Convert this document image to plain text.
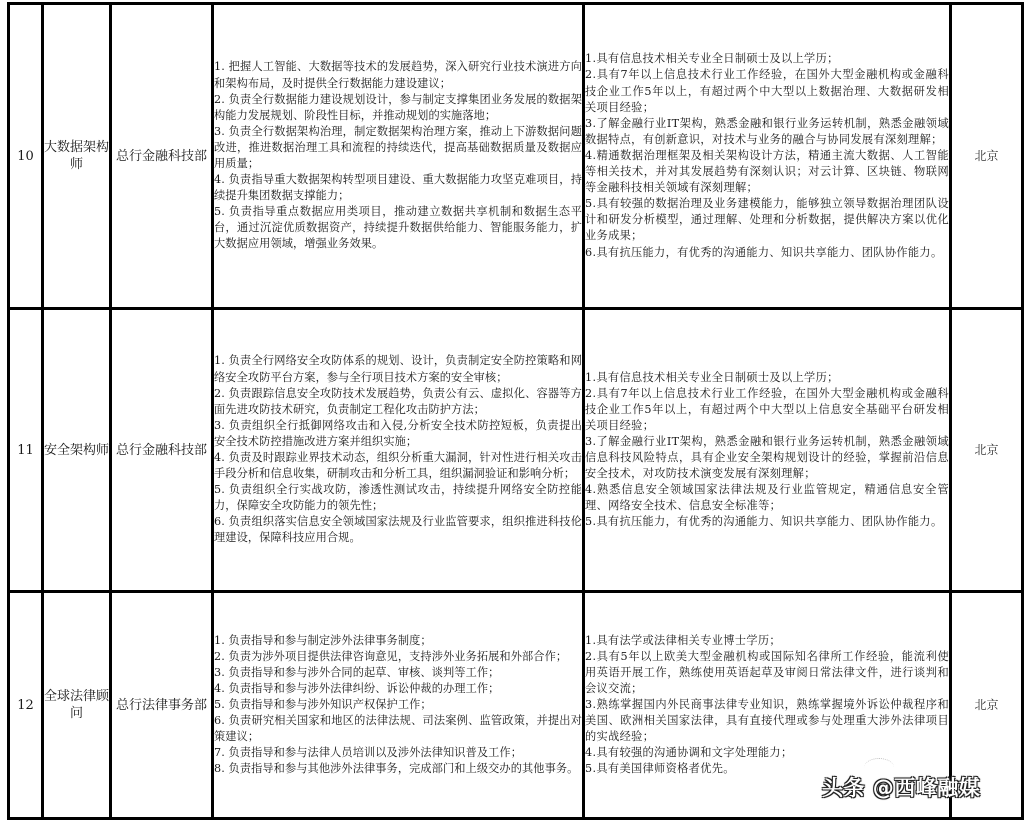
10	大数据架构师	总行金融科技部	
1. 把握人工智能、大数据等技术的发展趋势，深入研究行业技术演进方向和架构布局，及时提供全行数据能力建设建议；
2. 负责全行数据能力建设规划设计，参与制定支撑集团业务发展的数据架构能力发展规划、阶段性目标，并推动规划的实施落地；
3. 负责全行数据架构治理，制定数据架构治理方案，推动上下游数据问题改进，推进数据治理工具和流程的持续迭代，提高基础数据质量及数据应用质量；
4. 负责指导重大数据架构转型项目建设、重大数据能力攻坚克难项目，持续提升集团数据支撑能力；
5. 负责指导重点数据应用类项目，推动建立数据共享机制和数据生态平台，通过沉淀优质数据资产，持续提升数据供给能力、智能服务能力，扩大数据应用领域，增强业务效果。

1.具有信息技术相关专业全日制硕士及以上学历；
2.具有7年以上信息技术行业工作经验，在国外大型金融机构或金融科技企业工作5年以上，有超过两个中大型以上数据治理、大数据研发相关项目经验；
3.了解金融行业IT架构，熟悉金融和银行业务运转机制，熟悉金融领域数据特点，有创新意识，对技术与业务的融合与协同发展有深刻理解；
4.精通数据治理框架及相关架构设计方法，精通主流大数据、人工智能等相关技术，并对其发展趋势有深刻认识；对云计算、区块链、物联网等金融科技相关领域有深刻理解；
5.具有较强的数据治理及业务建模能力，能够独立领导数据治理团队设计和研发分析模型，通过理解、处理和分析数据，提供解决方案以优化业务成果；
6.具有抗压能力，有优秀的沟通能力、知识共享能力、团队协作能力。
	北京
11	安全架构师	总行金融科技部	
1. 负责全行网络安全攻防体系的规划、设计，负责制定安全防控策略和网络安全攻防平台方案，参与全行项目技术方案的安全审核；
2. 负责跟踪信息安全攻防技术发展趋势，负责公有云、虚拟化、容器等方面先进攻防技术研究，负责制定工程化攻击防护方法；
3. 负责组织全行抵御网络攻击和入侵,分析安全技术防控短板，负责提出安全技术防控措施改进方案并组织实施；
4. 负责及时跟踪业界技术动态，组织分析重大漏洞，针对性进行相关攻击手段分析和信息收集，研制攻击和分析工具，组织漏洞验证和影响分析；
5. 负责组织全行实战攻防，渗透性测试攻击，持续提升网络安全防控能力，保障安全攻防能力的领先性；
6. 负责组织落实信息安全领域国家法规及行业监管要求，组织推进科技伦理建设，保障科技应用合规。

1.具有信息技术相关专业全日制硕士及以上学历；
2.具有7年以上信息技术行业工作经验，在国外大型金融机构或金融科技企业工作5年以上，有超过两个中大型以上信息安全基础平台研发相关项目经验；
3.了解金融行业IT架构，熟悉金融和银行业务运转机制，熟悉金融领域信息科技风险特点，具有企业安全架构规划设计的经验，掌握前沿信息安全技术，对攻防技术演变发展有深刻理解；
4.熟悉信息安全领域国家法律法规及行业监管规定，精通信息安全管理、网络安全技术、信息安全标准等；
5.具有抗压能力，有优秀的沟通能力、知识共享能力、团队协作能力。
	北京
12	全球法律顾问	总行法律事务部	
1. 负责指导和参与制定涉外法律事务制度；
2. 负责为涉外项目提供法律咨询意见，支持涉外业务拓展和外部合作；
3. 负责指导和参与涉外合同的起草、审核、谈判等工作；
4. 负责指导和参与涉外法律纠纷、诉讼仲裁的办理工作；
5. 负责指导和参与涉外知识产权保护工作；
6. 负责研究相关国家和地区的法律法规、司法案例、监管政策，并提出对策建议；
7. 负责指导和参与法律人员培训以及涉外法律知识普及工作；
8. 负责指导和参与其他涉外法律事务，完成部门和上级交办的其他事务。

1.具有法学或法律相关专业博士学历；
2.具有5年以上欧美大型金融机构或国际知名律所工作经验，能流利使用英语开展工作，熟练使用英语起草及审阅日常法律文件，进行谈判和会议交流；
3.熟练掌握国内外民商事法律专业知识，熟练掌握境外诉讼仲裁程序和美国、欧洲相关国家法律，具有直接代理或参与处理重大涉外法律项目的实战经验；
4.具有较强的沟通协调和文字处理能力；
5.具有美国律师资格者优先。
	北京
头条 @西峰融媒
